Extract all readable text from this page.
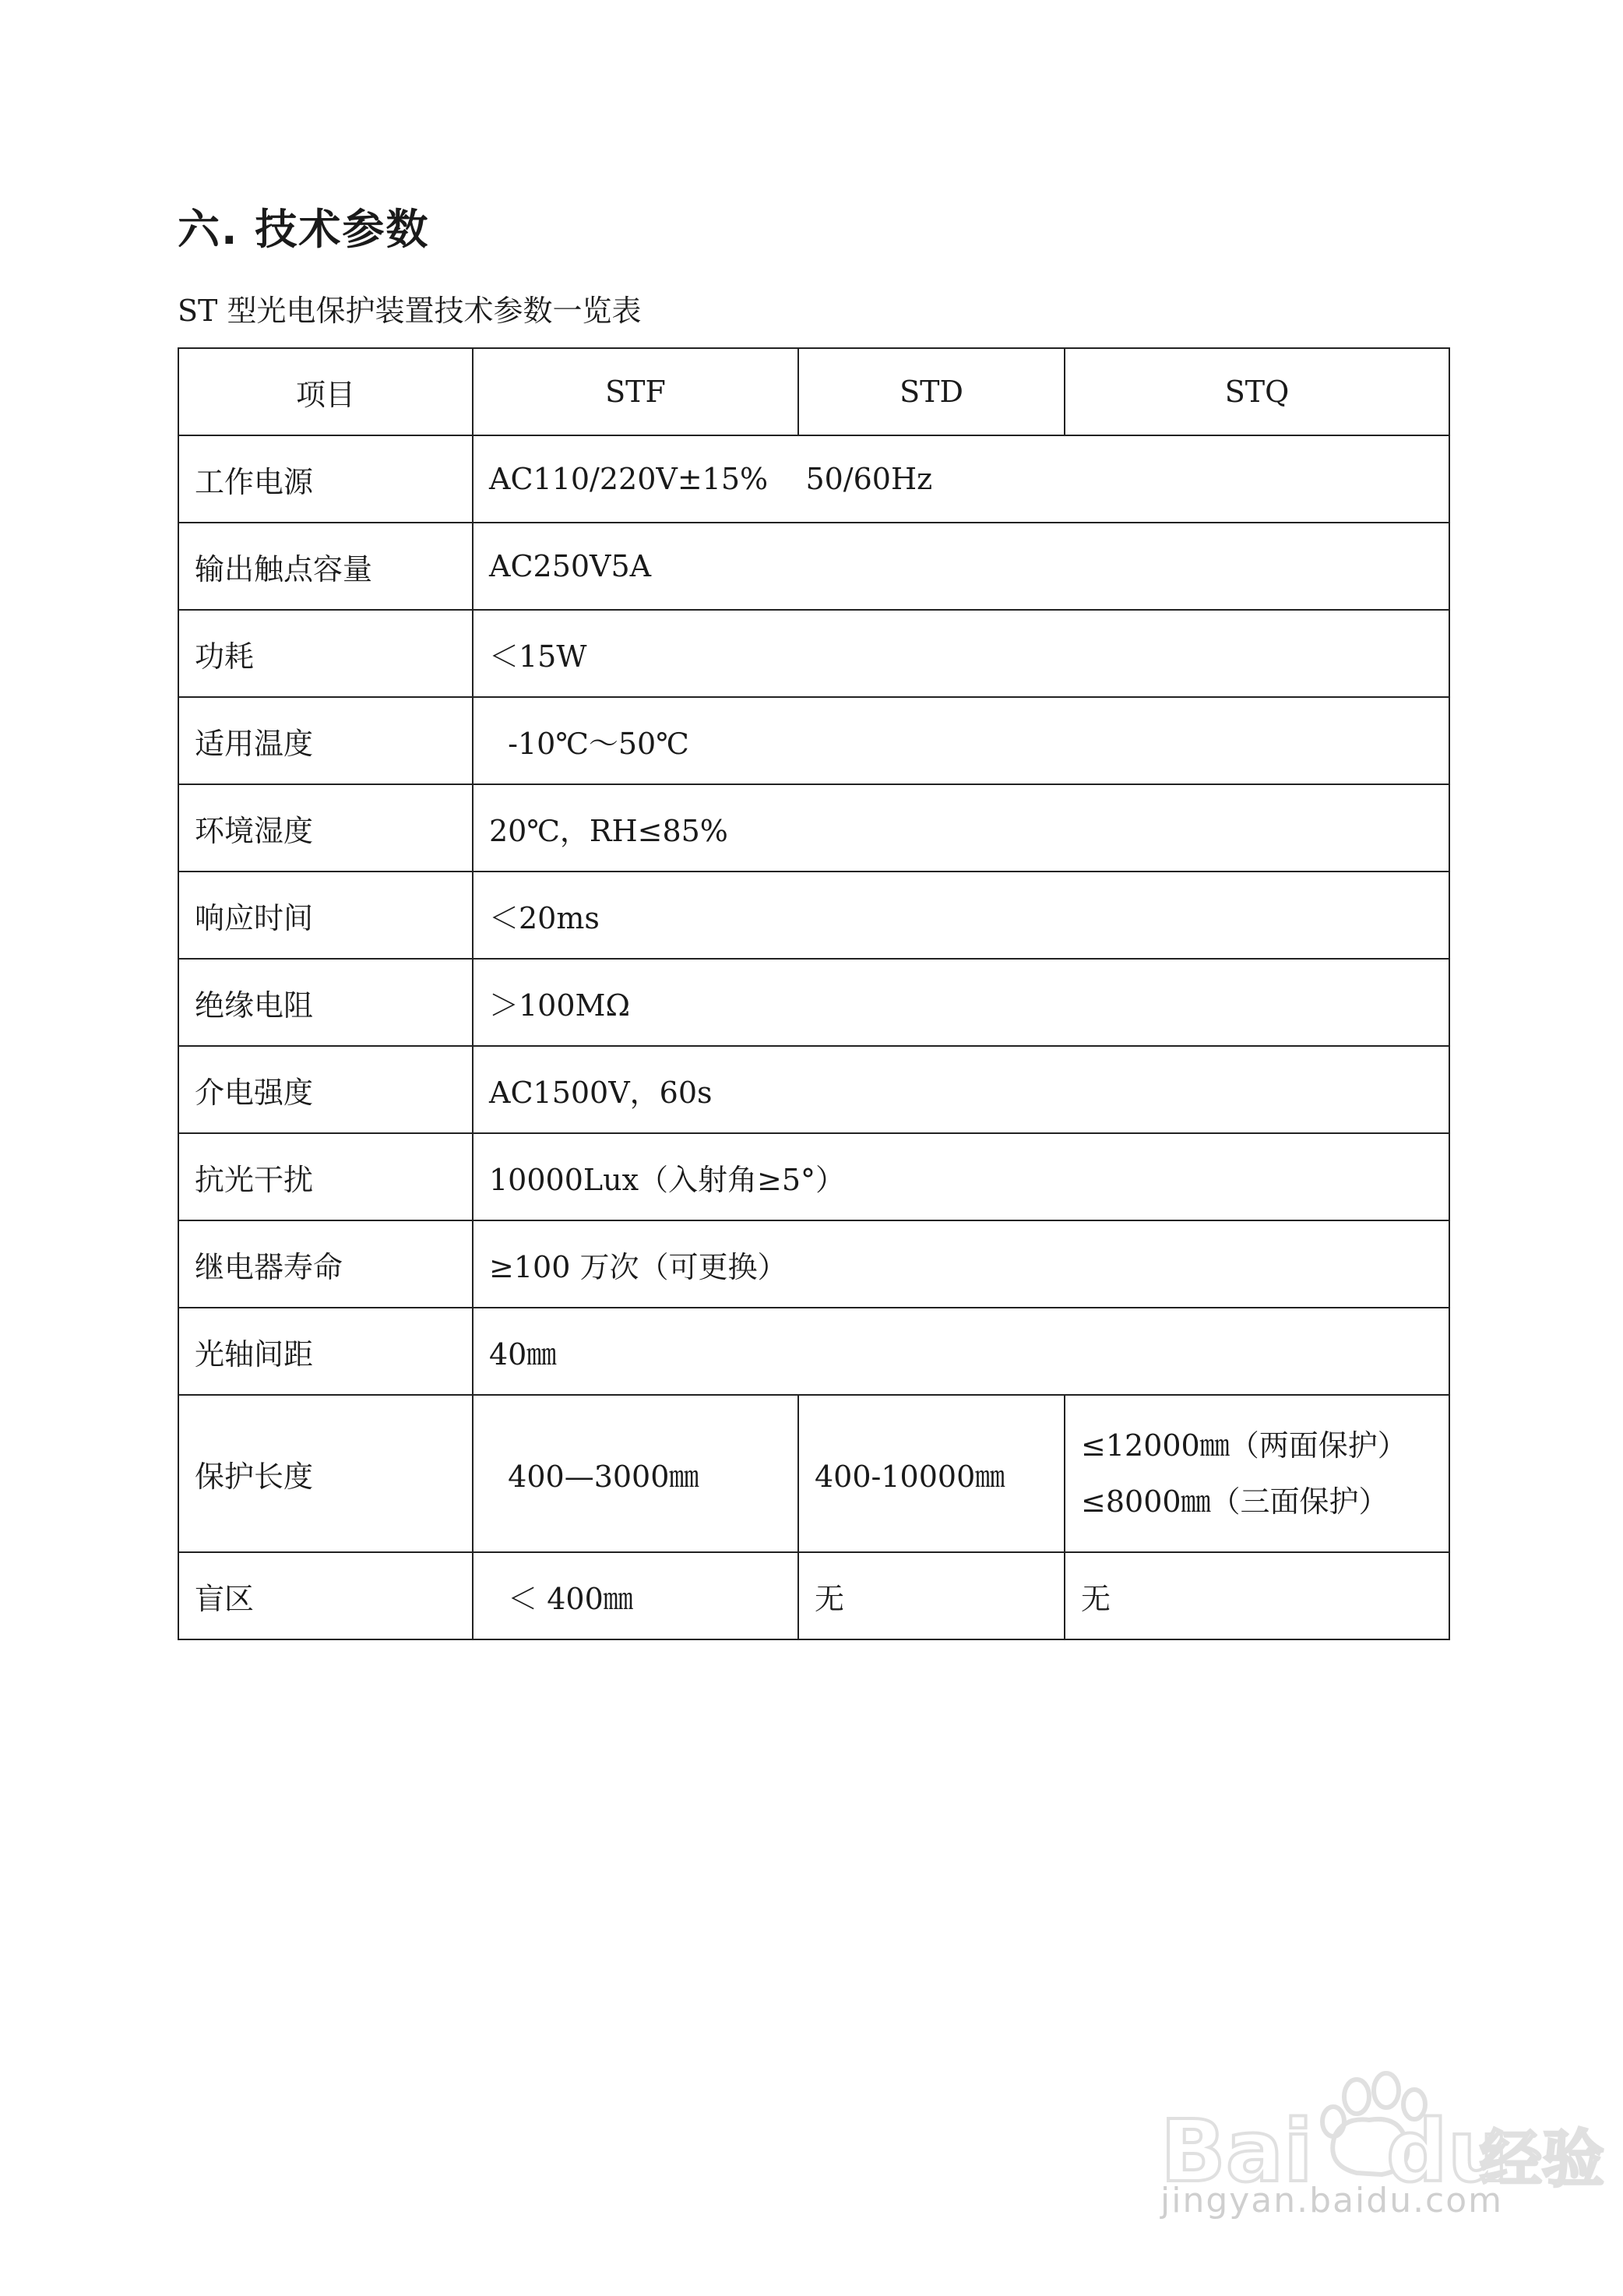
六. 技术参数

ST 型光电保护装置技术参数一览表

项目	STF	STD	STQ
工作电源	AC110/220V±15%    50/60Hz		
输出触点容量	AC250V5A		
功耗	＜15W		
适用温度	-10℃～50℃		
环境湿度	20℃，RH≤85%		
响应时间	＜20ms		
绝缘电阻	＞100MΩ		
介电强度	AC1500V，60s		
抗光干扰	10000Lux（入射角≥5°）		
继电器寿命	≥100 万次（可更换）		
光轴间距	40㎜		
保护长度	400—3000㎜	400-10000㎜	≤12000㎜（两面保护）
≤8000㎜（三面保护）

盲区	＜ 400㎜	无	无
Bai du
经验
jingyan.baidu.com
